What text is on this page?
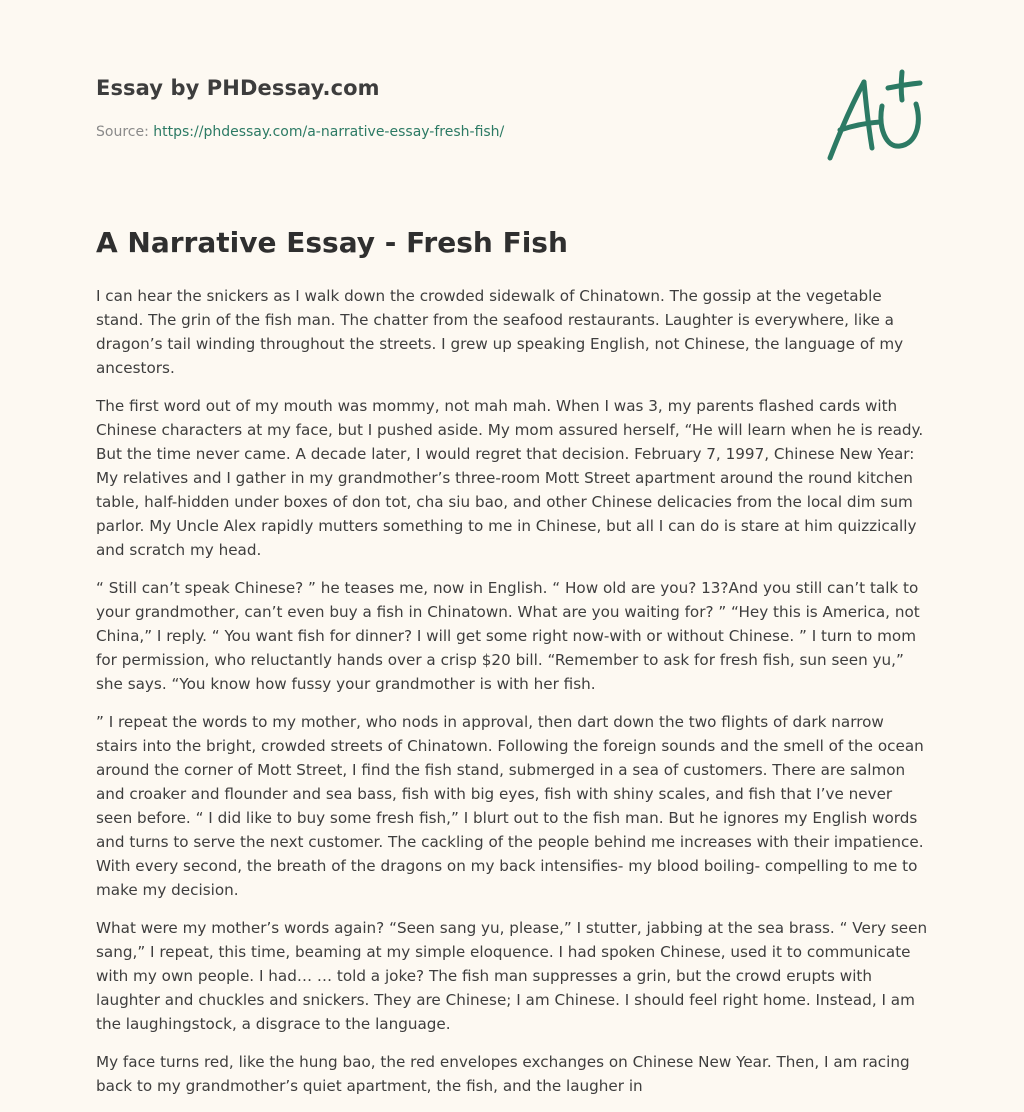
Essay by PHDessay.com
Source: https://phdessay.com/a-narrative-essay-fresh-fish/
A Narrative Essay - Fresh Fish

I can hear the snickers as I walk down the crowded sidewalk of Chinatown. The gossip at the vegetable stand. The grin of the fish man. The chatter from the seafood restaurants. Laughter is everywhere, like a dragon’s tail winding throughout the streets. I grew up speaking English, not Chinese, the language of my ancestors.

The first word out of my mouth was mommy, not mah mah. When I was 3, my parents flashed cards with Chinese characters at my face, but I pushed aside. My mom assured herself, “He will learn when he is ready. But the time never came. A decade later, I would regret that decision. February 7, 1997, Chinese New Year: My relatives and I gather in my grandmother’s three-room Mott Street apartment around the round kitchen table, half-hidden under boxes of don tot, cha siu bao, and other Chinese delicacies from the local dim sum parlor. My Uncle Alex rapidly mutters something to me in Chinese, but all I can do is stare at him quizzically and scratch my head.

“ Still can’t speak Chinese? ” he teases me, now in English. “ How old are you? 13?And you still can’t talk to your grandmother, can’t even buy a fish in Chinatown. What are you waiting for? ” “Hey this is America, not China,” I reply. “ You want fish for dinner? I will get some right now-with or without Chinese. ” I turn to mom for permission, who reluctantly hands over a crisp $20 bill. “Remember to ask for fresh fish, sun seen yu,” she says. “You know how fussy your grandmother is with her fish.

” I repeat the words to my mother, who nods in approval, then dart down the two flights of dark narrow stairs into the bright, crowded streets of Chinatown. Following the foreign sounds and the smell of the ocean around the corner of Mott Street, I find the fish stand, submerged in a sea of customers. There are salmon and croaker and flounder and sea bass, fish with big eyes, fish with shiny scales, and fish that I’ve never seen before. “ I did like to buy some fresh fish,” I blurt out to the fish man. But he ignores my English words and turns to serve the next customer. The cackling of the people behind me increases with their impatience. With every second, the breath of the dragons on my back intensifies- my blood boiling- compelling to me to make my decision.

What were my mother’s words again? “Seen sang yu, please,” I stutter, jabbing at the sea brass. “ Very seen sang,” I repeat, this time, beaming at my simple eloquence. I had spoken Chinese, used it to communicate with my own people. I had… … told a joke? The fish man suppresses a grin, but the crowd erupts with laughter and chuckles and snickers. They are Chinese; I am Chinese. I should feel right home. Instead, I am the laughingstock, a disgrace to the language.

My face turns red, like the hung bao, the red envelopes exchanges on Chinese New Year. Then, I am racing back to my grandmother’s quiet apartment, the fish, and the laugher in
